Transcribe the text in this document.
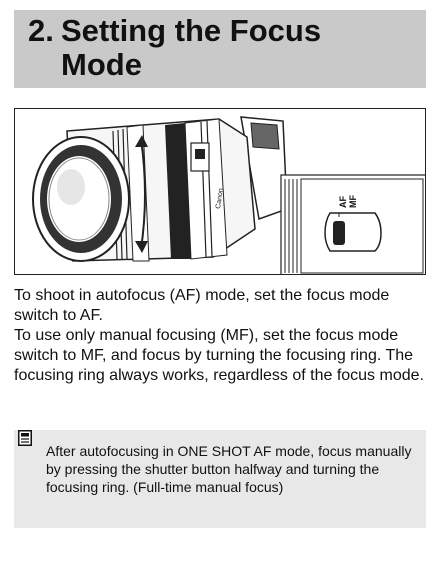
2. Setting the Focus Mode
Canon	AF MF

To shoot in autofocus (AF) mode, set the focus mode switch to AF.
To use only manual focusing (MF), set the focus mode switch to MF, and focus by turning the focusing ring. The focusing ring always works, regardless of the focus mode.

After autofocusing in ONE SHOT AF mode, focus manually by pressing the shutter button halfway and turning the focusing ring. (Full-time manual focus)
